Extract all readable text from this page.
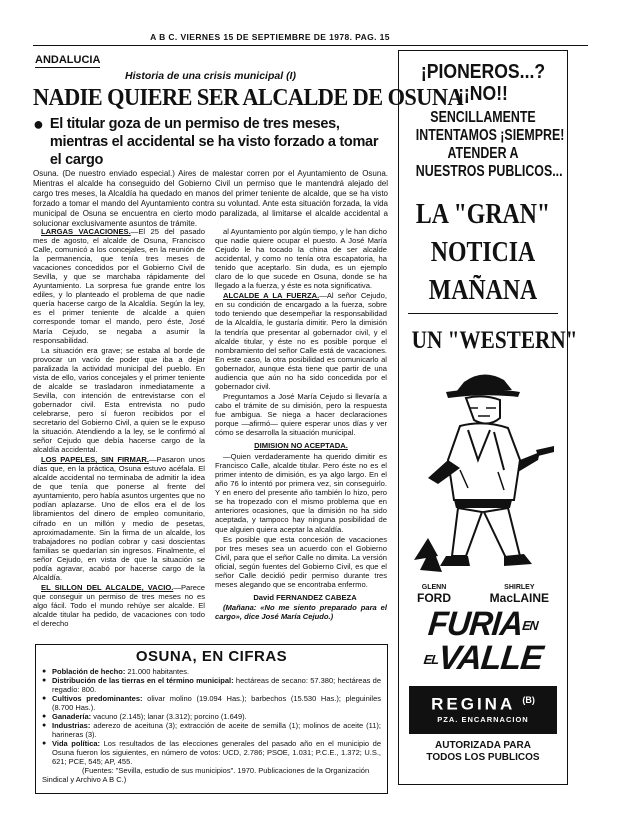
A B C. VIERNES 15 DE SEPTIEMBRE DE 1978. PAG. 15
ANDALUCIA
Historia de una crisis municipal (I)
NADIE QUIERE SER ALCALDE DE OSUNA
● El titular goza de un permiso de tres meses, mientras el accidental se ha visto forzado a tomar el cargo
Osuna. (De nuestro enviado especial.) Aires de malestar corren por el Ayuntamiento de Osuna. Mientras el alcalde ha conseguido del Gobierno Civil un permiso que le mantendrá alejado del cargo tres meses, la Alcaldía ha quedado en manos del primer teniente de alcalde, que se ha visto forzado a tomar el mando del Ayuntamiento contra su voluntad. Ante esta situación forzada, la vida municipal de Osuna se encuentra en cierto modo paralizada, al limitarse el alcalde accidental a solucionar exclusivamente asuntos de trámite.

LARGAS VACACIONES.—El 25 del pasado mes de agosto, el alcalde de Osuna, Francisco Calle, comunicó a los concejales, en la reunión de la permanencia, que tenía tres meses de vacaciones concedidos por el Gobierno Civil de Sevilla, y que se marchaba rápidamente del Ayuntamiento. La sorpresa fue grande entre los ediles, y lo planteado el problema de que nadie quería hacerse cargo de la Alcaldía. Según la ley, es el primer teniente de alcalde a quien corresponde tomar el mando, pero éste, José María Cejudo, se negaba a asumir la responsabilidad.

La situación era grave; se estaba al borde de provocar un vacío de poder que iba a dejar paralizada la actividad municipal del pueblo. En vista de ello, varios concejales y el primer teniente de alcalde se trasladaron inmediatamente a Sevilla, con intención de entrevistarse con el gobernador civil. Esta entrevista no pudo celebrarse, pero sí fueron recibidos por el secretario del Gobierno Civil, a quien se le expuso la situación. Atendiendo a la ley, se le confirmó al señor Cejudo que debía hacerse cargo de la alcaldía accidental.

LOS PAPELES, SIN FIRMAR.—Pasaron unos días que, en la práctica, Osuna estuvo acéfala. El alcalde accidental no terminaba de admitir la idea de que tenía que ponerse al frente del ayuntamiento, pero había asuntos urgentes que no podían aplazarse. Uno de ellos era el de los libramientos del dinero de empleo comunitario, cifrado en un millón y medio de pesetas, aproximadamente. Sin la firma de un alcalde, los trabajadores no podían cobrar y casi doscientas familias se quedarían sin ingresos. Finalmente, el señor Cejudo, en vista de que la situación se podía agravar, acabó por hacerse cargo de la Alcaldía.

EL SILLON DEL ALCALDE, VACIO.—Parece que conseguir un permiso de tres meses no es algo fácil. Todo el mundo rehúye ser alcalde. El alcalde titular ha pedido, de vacaciones con todo el derecho

al Ayuntamiento por algún tiempo, y le han dicho que nadie quiere ocupar el puesto. A José María Cejudo le ha tocado la china de ser alcalde accidental, y como no tenía otra escapatoria, ha tenido que aceptarlo. Sin duda, es un ejemplo claro de lo que sucede en Osuna, donde se ha llegado a la fuerza, y éste es nota significativa.

ALCALDE A LA FUERZA.—Al señor Cejudo, en su condición de encargado a la fuerza, sobre todo teniendo que desempeñar la responsabilidad de la Alcaldía, le gustaría dimitir. Pero la dimisión la tendría que presentar al gobernador civil, y el alcalde titular, y éste no es posible porque el nombramiento del señor Calle está de vacaciones. En este caso, la otra posibilidad es comunicarlo al gobernador, aunque ésta tiene que partir de una audiencia que aún no ha sido concedida por el gobernador civil.

Preguntamos a José María Cejudo si llevaría a cabo el trámite de su dimisión, pero la respuesta fue ambigua. Se niega a hacer declaraciones porque —afirmó— quiere esperar unos días y ver cómo se desarrolla la situación municipal.

DIMISION NO ACEPTADA.

—Quien verdaderamente ha querido dimitir es Francisco Calle, alcalde titular. Pero éste no es el primer intento de dimisión, es ya algo largo. En el año 76 lo intentó por primera vez, sin conseguirlo. Y en enero del presente año también lo hizo, pero se ha tropezado con el mismo problema que en anteriores ocasiones, que la dimisión no ha sido aceptada, y tampoco hay ninguna posibilidad de que alguien quiera aceptar la alcaldía.

Es posible que esta concesión de vacaciones por tres meses sea un acuerdo con el Gobierno Civil, para que el señor Calle no dimita. La versión oficial, según fuentes del Gobierno Civil, es que el señor Calle decidió pedir permiso durante tres meses alegando que se encontraba enfermo.

David FERNANDEZ CABEZA

(Mañana: «No me siento preparado para el cargo», dice José María Cejudo.)

OSUNA, EN CIFRAS
● Población de hecho: 21.000 habitantes.
● Distribución de las tierras en el término municipal: hectáreas de secano: 57.380; hectáreas de regadío: 800.
● Cultivos predominantes: olivar molino (19.094 Has.); barbechos (15.530 Has.); pleguiniles (8.700 Has.).
● Ganadería: vacuno (2.145); lanar (3.312); porcino (1.649).
● Industrias: aderezo de aceituna (3); extracción de aceite de semilla (1); molinos de aceite (11); harineras (3).
● Vida política: Los resultados de las elecciones generales del pasado año en el municipio de Osuna fueron los siguientes, en número de votos: UCD, 2.786; PSOE, 1.031; P.C.E., 1.372; U.S., 621; PCE, 545; AP, 455.
(Fuentes: "Sevilla, estudio de sus municipios". 1970. Publicaciones de la Organización Sindical y Archivo A B C.)
¡PIONEROS...?
¡¡NO!!
SENCILLAMENTE
INTENTAMOS ¡SIEMPRE!
ATENDER A
NUESTROS PUBLICOS...
LA "GRAN"
NOTICIA
MAÑANA
UN "WESTERN"
GLENN
FORD
SHIRLEY
MacLAINE
FURIAEN
ELVALLE
REGINA $^{(B)}$
PZA. ENCARNACION
AUTORIZADA PARA
TODOS LOS PUBLICOS
